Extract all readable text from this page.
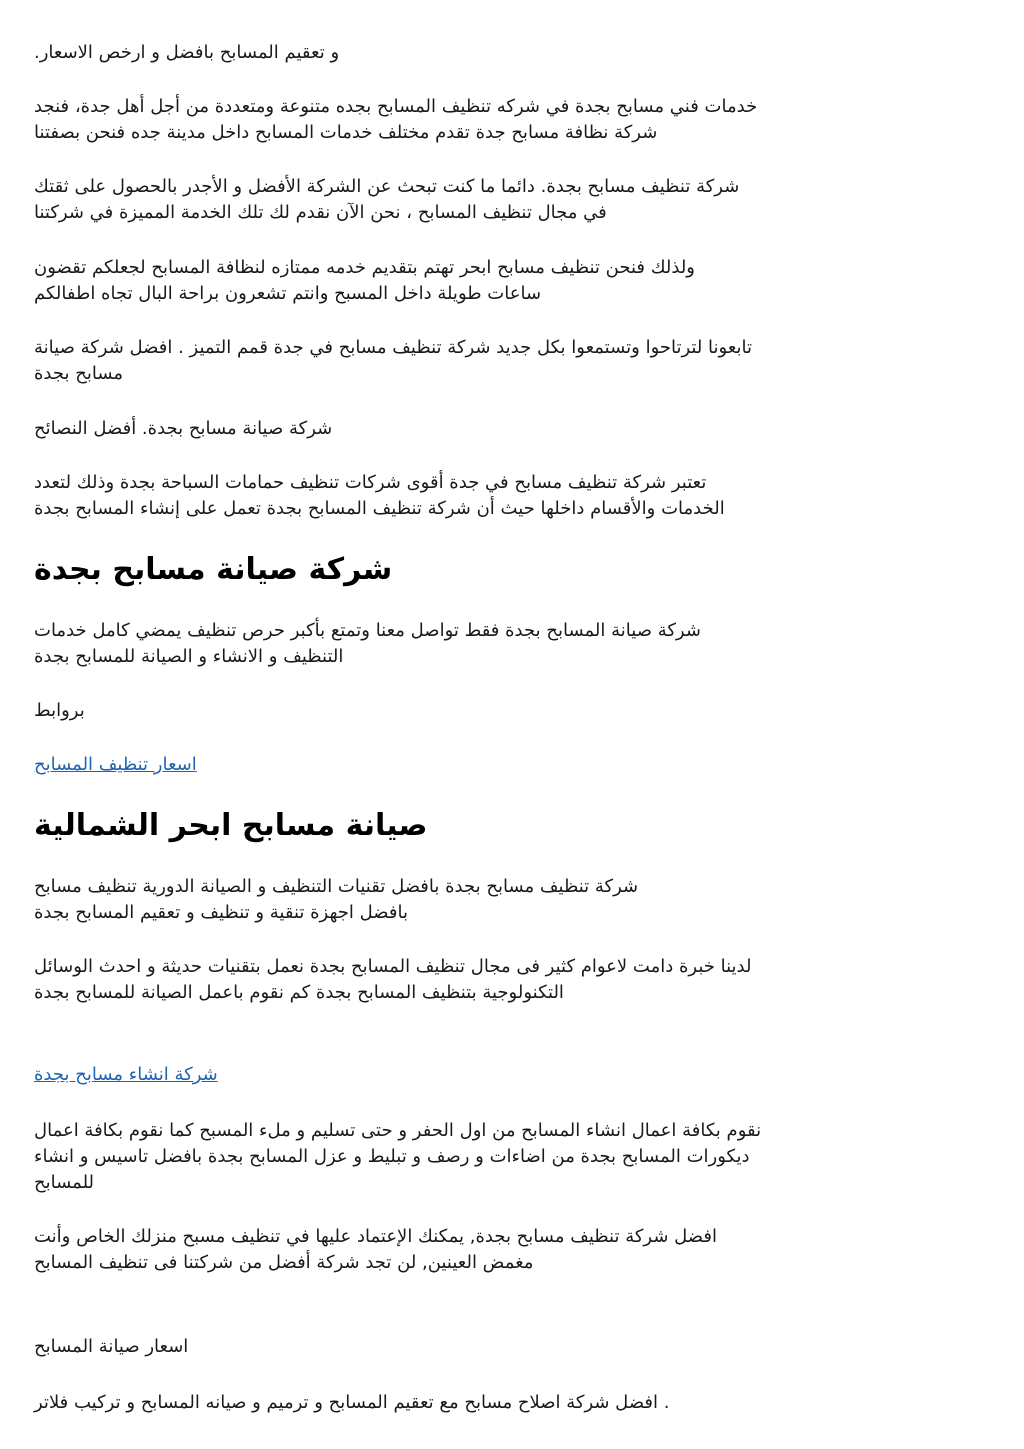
و تعقيم المسابح بافضل و ارخص الاسعار.
خدمات فني مسابح بجدة في شركه تنظيف المسابح بجده متنوعة ومتعددة من أجل أهل جدة، فنجد
شركة نظافة مسابح جدة تقدم مختلف خدمات المسابح داخل مدينة جده فنحن بصفتنا
شركة تنظيف مسابح بجدة. دائما ما كنت تبحث عن الشركة الأفضل و الأجدر بالحصول على ثقتك
في مجال تنظيف المسابح ، نحن الآن نقدم لك تلك الخدمة المميزة في شركتنا
ولذلك فنحن تنظيف مسابح ابحر تهتم بتقديم خدمه ممتازه لنظافة المسابح لجعلكم تقضون
ساعات طويلة داخل المسبح وانتم تشعرون براحة البال تجاه اطفالكم
تابعونا لترتاحوا وتستمعوا بكل جديد شركة تنظيف مسابح في جدة قمم التميز . افضل شركة صيانة
مسابح بجدة
شركة صيانة مسابح بجدة. أفضل النصائح
تعتبر شركة تنظيف مسابح في جدة أقوى شركات تنظيف حمامات السباحة بجدة وذلك لتعدد
الخدمات والأقسام داخلها حيث أن شركة تنظيف المسابح بجدة تعمل على إنشاء المسابح بجدة
شركة صيانة مسابح بجدة
شركة صيانة المسابح بجدة فقط تواصل معنا وتمتع بأكبر حرص تنظيف يمضي كامل خدمات
التنظيف و الانشاء و الصيانة للمسابح بجدة
بروابط
اسعار تنظيف المسابح
صيانة مسابح ابحر الشمالية
شركة تنظيف مسابح بجدة بافضل تقنيات التنظيف و الصيانة الدورية تنظيف مسابح
بافضل اجهزة تنقية و تنظيف و تعقيم المسابح بجدة
لدينا خبرة دامت لاعوام كثير فى مجال تنظيف المسابح بجدة نعمل بتقنيات حديثة و احدث الوسائل
التكنولوجية بتنظيف المسابح بجدة كم نقوم باعمل الصيانة للمسابح بجدة
شركة انشاء مسابح بجدة
نقوم بكافة اعمال انشاء المسابح من اول الحفر و حتى تسليم و ملء المسبح كما نقوم بكافة اعمال
ديكورات المسابح بجدة من اضاءات و رصف و تبليط و عزل المسابح بجدة بافضل تاسيس و انشاء
للمسابح
افضل شركة تنظيف مسابح بجدة, يمكنك الإعتماد عليها في تنظيف مسبح منزلك الخاص وأنت
مغمض العينين, لن تجد شركة أفضل من شركتنا فى تنظيف المسابح
اسعار صيانة المسابح
. افضل شركة اصلاح مسابح مع تعقيم المسابح و ترميم و صيانه المسابح و تركيب فلاتر
